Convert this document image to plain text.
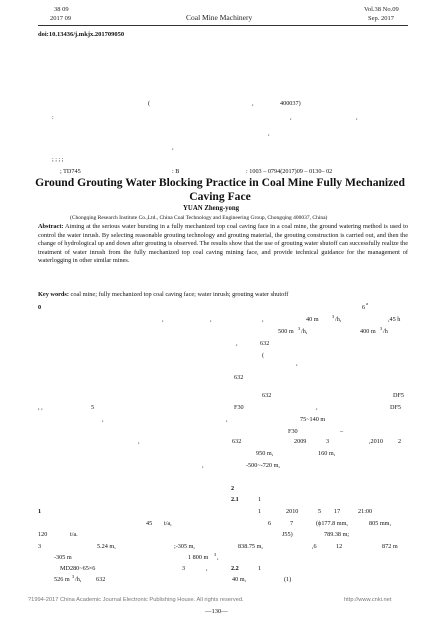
38 09
2017 09	Coal Mine Machinery
Vol.38 No.09
Sep. 2017
doi:10.13436/j.mkjx.201709050
(	,	400037)
:	,	,
,
,
; ; ; ;
; TD745	: B	: 1003 – 0794(2017)09 – 0130– 02
Ground Grouting Water Blocking Practice in Coal Mine Fully Mechanized Caving Face
YUAN Zheng-yong
(Chongqing Research Institute Co.,Ltd., China Coal Technology and Engineering Group, Chongqing 400037, China)
Abstract: Aiming at the serious water bursting in a fully mechanized top coal caving face in a coal mine, the ground watering method is used to control the water inrush. By selecting reasonable grouting technology and grouting material, the grouting construction is carried out, and then the change of hydrological up and down after grouting is observed. The results show that the use of grouting water shutoff can successfully realize the treatment of water inrush from the fully mechanized top coal caving mining face, and provide technical guidance for the management of waterlogging in other similar mines.
Key words: coal mine; fully mechanized top coal caving face; water inrush; grouting water shutoff
0	6
a
,	,	,	40 m	3 /h,	,45 h
500 m 3 /h,	400 m 3 /h
,	632
(
,
632
632	DF5
, ,	5	F30	,	DF5
,	,	75~140 m
F30	–
,	632	2009	3	,2010 2
950 m,	160 m,
,	-500~-720 m,
2
2.1	1
1	1	2010	5 17	21:00
45 t/a,	6	7	(ϕ177.8 mm,	805 mm,
120	t/a.	J55)	789.38 m;
3	5.24 m,	;-305 m,	838.75 m,	,6	12	872 m
-305 m	1 800 m 3 ,
MD280~65×6	3	,	2.2	1
526 m 3 /h, 632	40 m,	(1)
?1994-2017 China Academic Journal Electronic Publishing House. All rights reserved.	http://www.cnki.net
—130—
